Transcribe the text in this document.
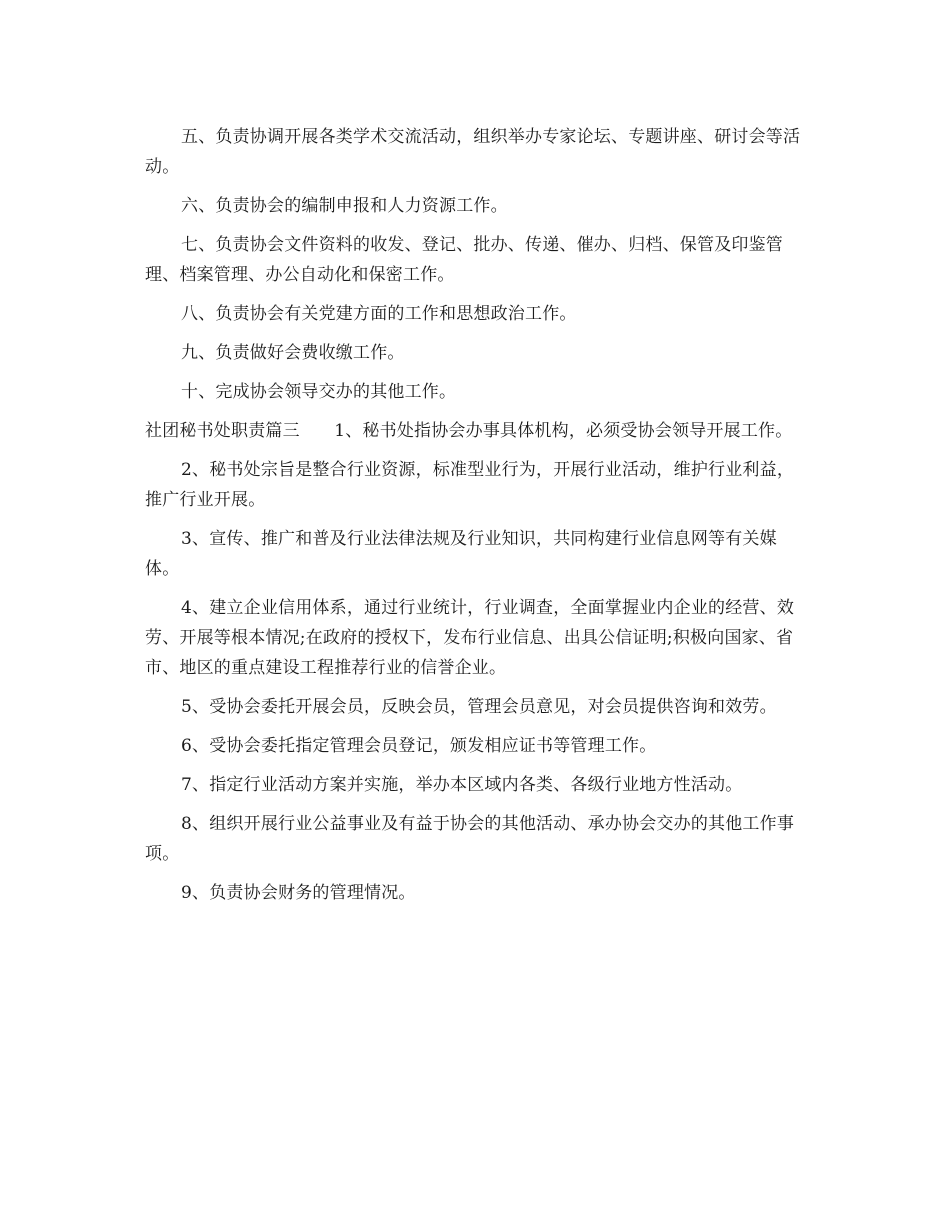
五、负责协调开展各类学术交流活动，组织举办专家论坛、专题讲座、研讨会等活动。

六、负责协会的编制申报和人力资源工作。

七、负责协会文件资料的收发、登记、批办、传递、催办、归档、保管及印鉴管理、档案管理、办公自动化和保密工作。

八、负责协会有关党建方面的工作和思想政治工作。

九、负责做好会费收缴工作。

十、完成协会领导交办的其他工作。

社团秘书处职责篇三　　 1、秘书处指协会办事具体机构，必须受协会领导开展工作。

2、秘书处宗旨是整合行业资源，标准型业行为，开展行业活动，维护行业利益，推广行业开展。

3、宣传、推广和普及行业法律法规及行业知识，共同构建行业信息网等有关媒体。

4、建立企业信用体系，通过行业统计，行业调查，全面掌握业内企业的经营、效劳、开展等根本情况;在政府的授权下，发布行业信息、出具公信证明;积极向国家、省市、地区的重点建设工程推荐行业的信誉企业。

5、受协会委托开展会员，反映会员，管理会员意见，对会员提供咨询和效劳。

6、受协会委托指定管理会员登记，颁发相应证书等管理工作。

7、指定行业活动方案并实施，举办本区域内各类、各级行业地方性活动。

8、组织开展行业公益事业及有益于协会的其他活动、承办协会交办的其他工作事项。

9、负责协会财务的管理情况。
